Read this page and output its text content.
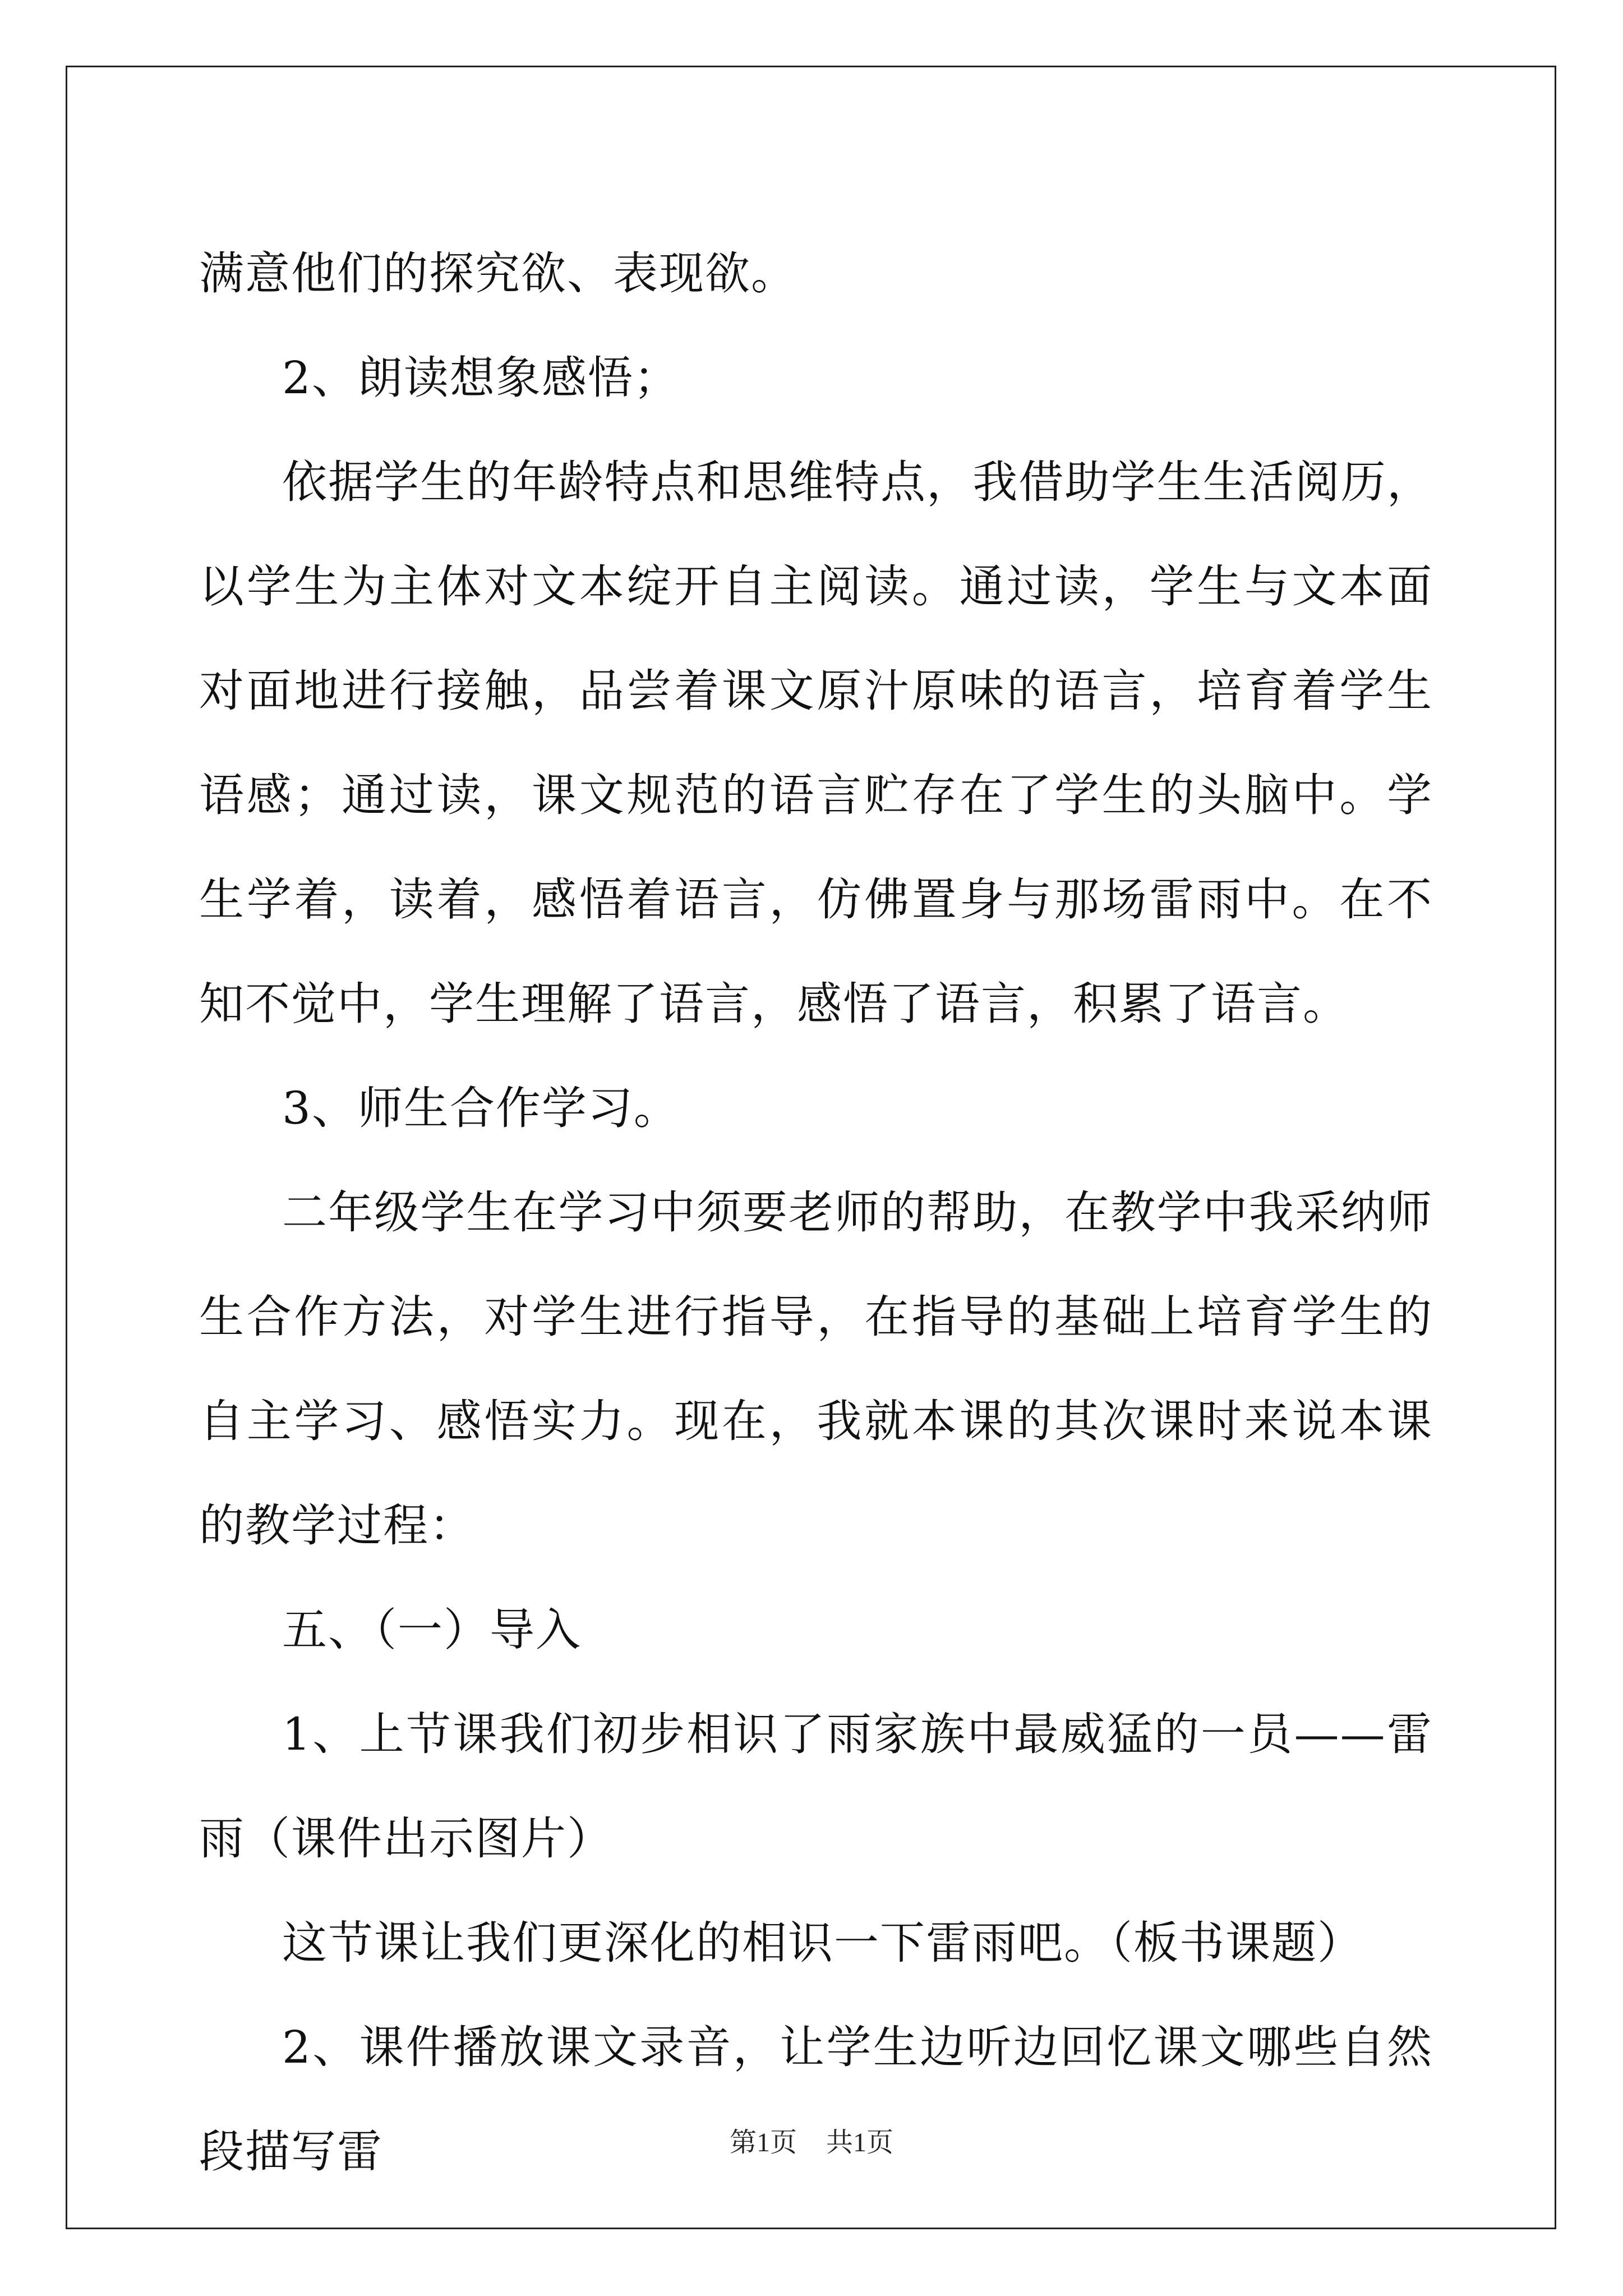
满意他们的探究欲、表现欲。

2、朗读想象感悟；

依据学生的年龄特点和思维特点，我借助学生生活阅历，以学生为主体对文本绽开自主阅读。通过读，学生与文本面对面地进行接触，品尝着课文原汁原味的语言，培育着学生语感；通过读，课文规范的语言贮存在了学生的头脑中。学生学着，读着，感悟着语言，仿佛置身与那场雷雨中。在不知不觉中，学生理解了语言，感悟了语言，积累了语言。

3、师生合作学习。

二年级学生在学习中须要老师的帮助，在教学中我采纳师生合作方法，对学生进行指导，在指导的基础上培育学生的自主学习、感悟实力。现在，我就本课的其次课时来说本课的教学过程：

五、（一）导入

1、上节课我们初步相识了雨家族中最威猛的一员——雷雨（课件出示图片）

这节课让我们更深化的相识一下雷雨吧。（板书课题）

2、课件播放课文录音，让学生边听边回忆课文哪些自然段描写雷	第1页 共1页
